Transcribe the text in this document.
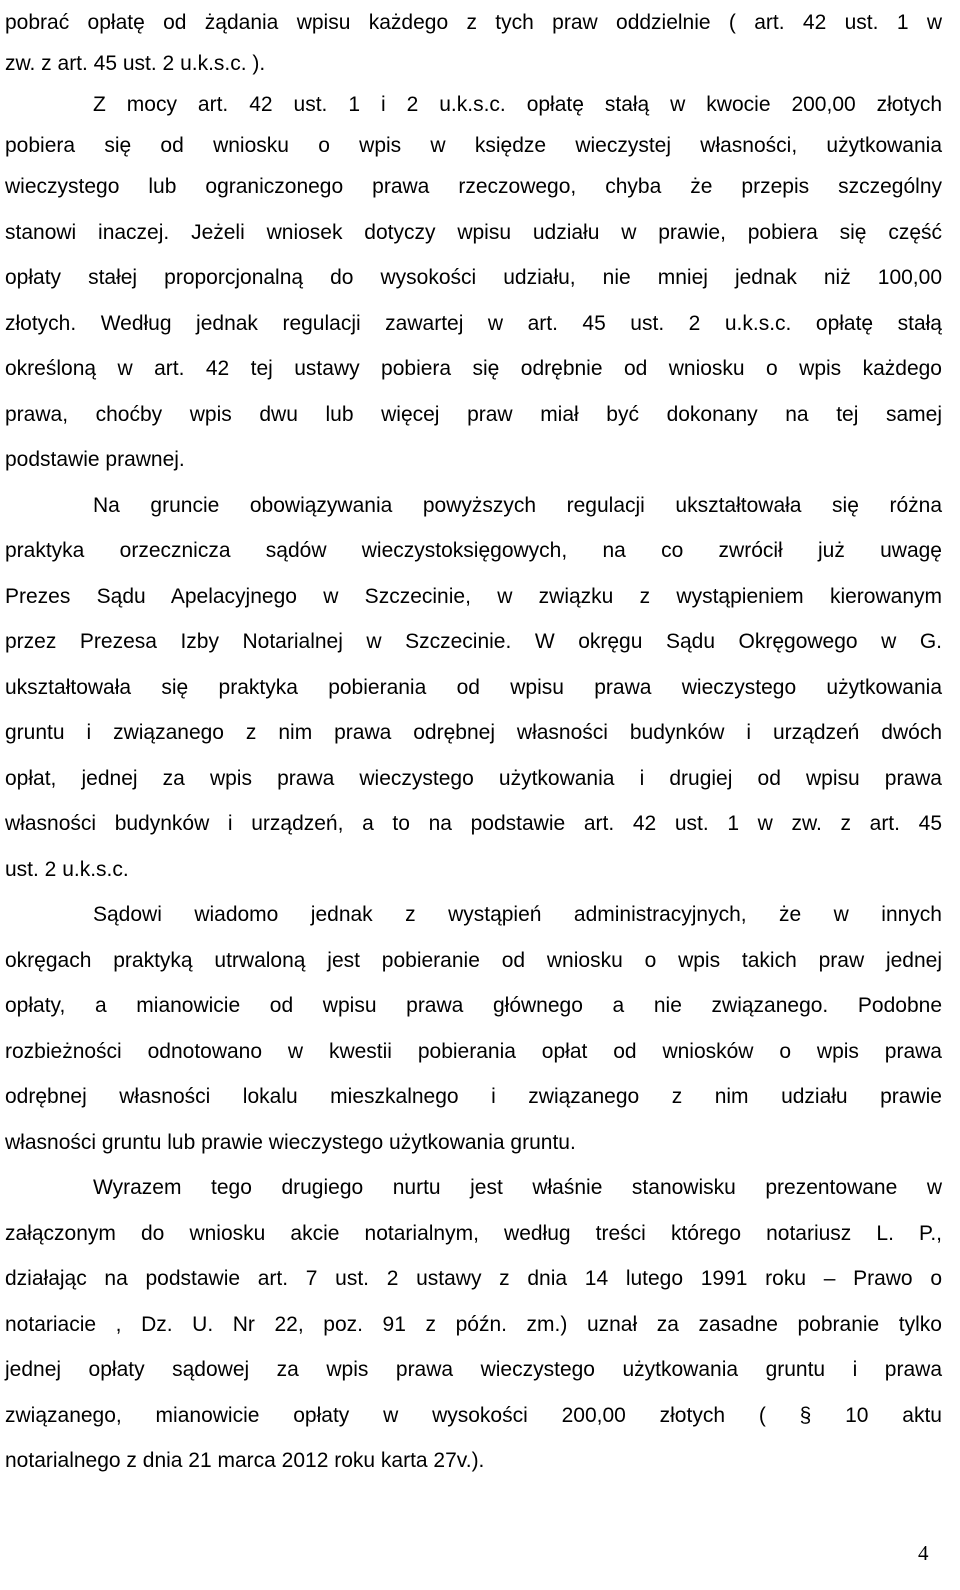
pobrać opłatę od żądania wpisu każdego z tych praw oddzielnie ( art. 42 ust. 1 w
zw. z art. 45 ust. 2 u.k.s.c. ).
Z mocy art. 42 ust. 1 i 2 u.k.s.c. opłatę stałą w kwocie 200,00 złotych
pobiera się od wniosku o wpis w księdze wieczystej własności, użytkowania
wieczystego lub ograniczonego prawa rzeczowego, chyba że przepis szczególny
stanowi inaczej. Jeżeli wniosek dotyczy wpisu udziału w prawie, pobiera się część
opłaty stałej proporcjonalną do wysokości udziału, nie mniej jednak niż 100,00
złotych. Według jednak regulacji zawartej w art. 45 ust. 2 u.k.s.c. opłatę stałą
określoną w art. 42 tej ustawy pobiera się odrębnie od wniosku o wpis każdego
prawa, choćby wpis dwu lub więcej praw miał być dokonany na tej samej
podstawie prawnej.
Na gruncie obowiązywania powyższych regulacji ukształtowała się różna
praktyka orzecznicza sądów wieczystoksięgowych, na co zwrócił już uwagę
Prezes Sądu Apelacyjnego w Szczecinie, w związku z wystąpieniem kierowanym
przez Prezesa Izby Notarialnej w Szczecinie. W okręgu Sądu Okręgowego w G.
ukształtowała się praktyka pobierania od wpisu prawa wieczystego użytkowania
gruntu i związanego z nim prawa odrębnej własności budynków i urządzeń dwóch
opłat, jednej za wpis prawa wieczystego użytkowania i drugiej od wpisu prawa
własności budynków i urządzeń, a to na podstawie art. 42 ust. 1 w zw. z art. 45
ust. 2 u.k.s.c.
Sądowi wiadomo jednak z wystąpień administracyjnych, że w innych
okręgach praktyką utrwaloną jest pobieranie od wniosku o wpis takich praw jednej
opłaty, a mianowicie od wpisu prawa głównego a nie związanego. Podobne
rozbieżności odnotowano w kwestii pobierania opłat od wniosków o wpis prawa
odrębnej własności lokalu mieszkalnego i związanego z nim udziału prawie
własności gruntu lub prawie wieczystego użytkowania gruntu.
Wyrazem tego drugiego nurtu jest właśnie stanowisku prezentowane w
załączonym do wniosku akcie notarialnym, według treści którego notariusz L. P.,
działając na podstawie art. 7 ust. 2 ustawy z dnia 14 lutego 1991 roku – Prawo o
notariacie , Dz. U. Nr 22, poz. 91 z późn. zm.) uznał za zasadne pobranie tylko
jednej opłaty sądowej za wpis prawa wieczystego użytkowania gruntu i prawa
związanego, mianowicie opłaty w wysokości 200,00 złotych ( § 10 aktu
notarialnego z dnia 21 marca 2012 roku karta 27v.).
4
